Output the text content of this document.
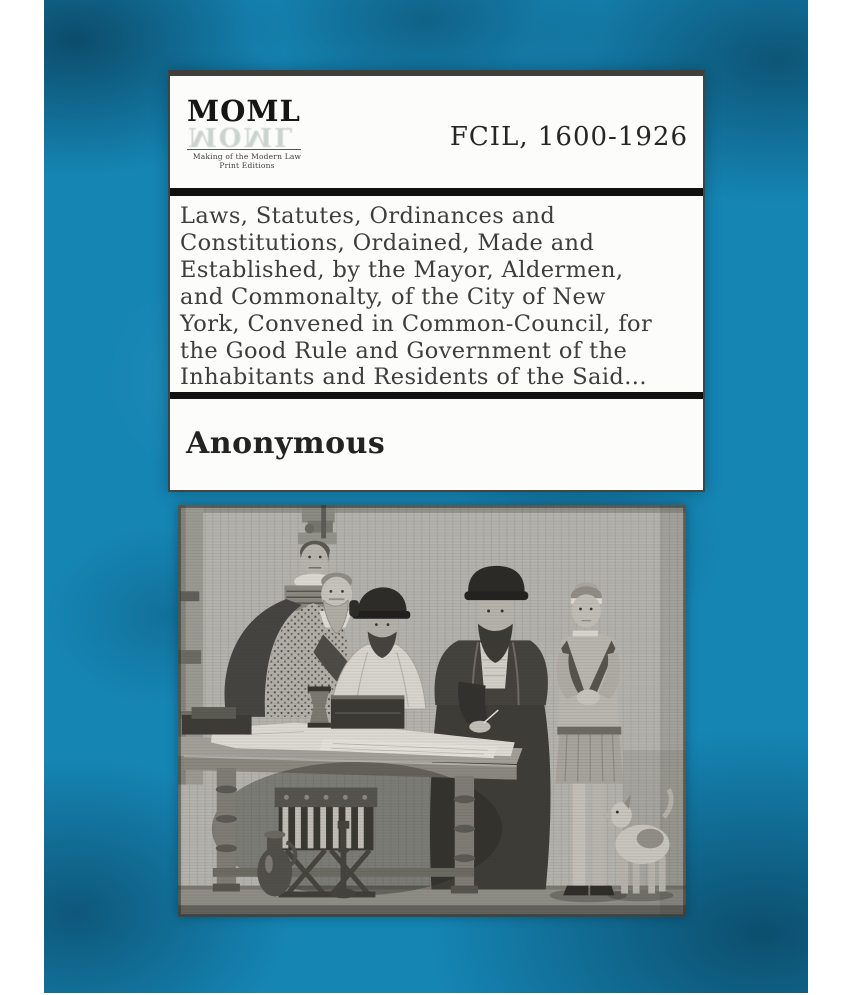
MOML
MOML
Making of the Modern Law
Print Editions
FCIL, 1600-1926
Laws, Statutes, Ordinances and
Constitutions, Ordained, Made and
Established, by the Mayor, Aldermen,
and Commonalty, of the City of New
York, Convened in Common-Council, for
the Good Rule and Government of the
Inhabitants and Residents of the Said...
Anonymous
